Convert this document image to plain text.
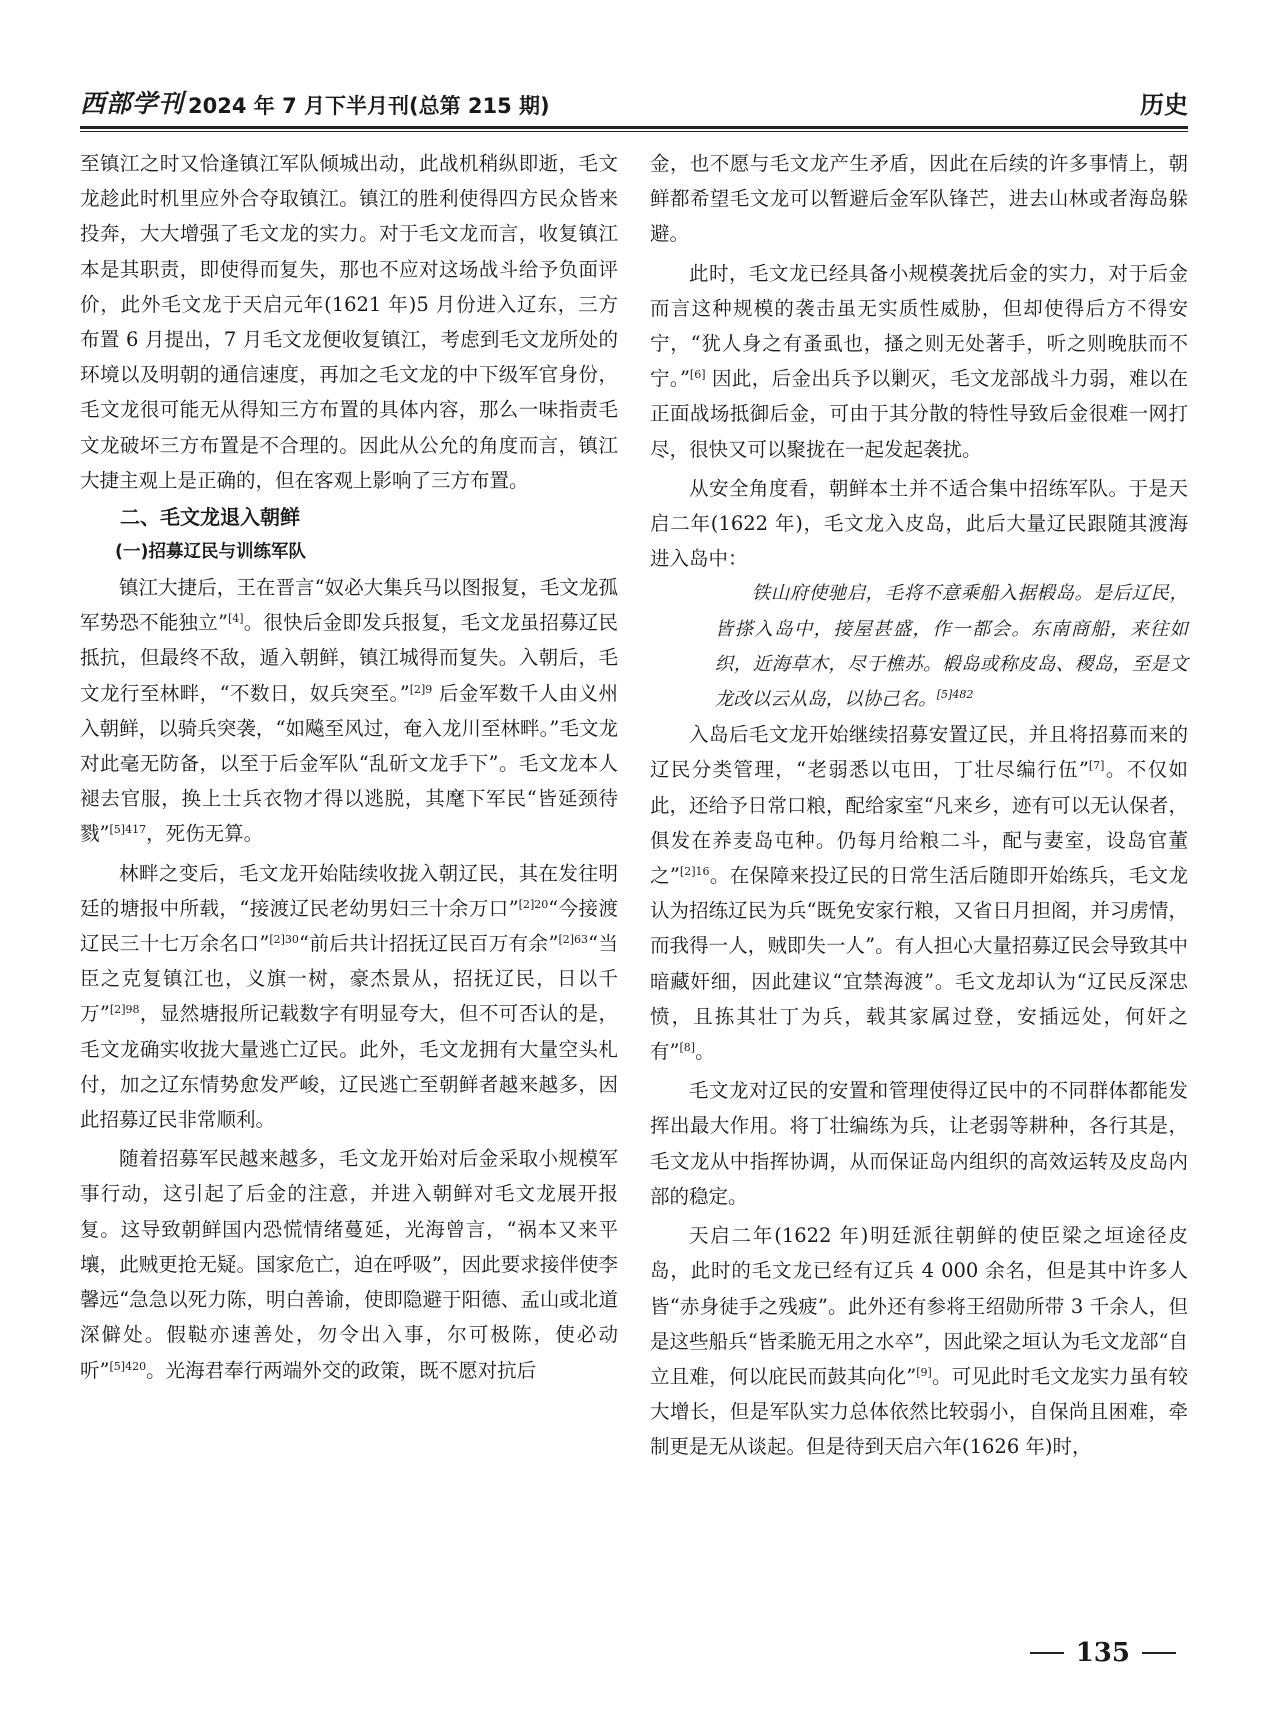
西部学刊 2024 年 7 月下半月刊(总第 215 期)	历史

至镇江之时又恰逢镇江军队倾城出动，此战机稍纵即逝，毛文龙趁此时机里应外合夺取镇江。镇江的胜利使得四方民众皆来投奔，大大增强了毛文龙的实力。对于毛文龙而言，收复镇江本是其职责，即使得而复失，那也不应对这场战斗给予负面评价，此外毛文龙于天启元年(1621 年)5 月份进入辽东，三方布置 6 月提出，7 月毛文龙便收复镇江，考虑到毛文龙所处的环境以及明朝的通信速度，再加之毛文龙的中下级军官身份，毛文龙很可能无从得知三方布置的具体内容，那么一味指责毛文龙破坏三方布置是不合理的。因此从公允的角度而言，镇江大捷主观上是正确的，但在客观上影响了三方布置。

二、毛文龙退入朝鲜
(一)招募辽民与训练军队

镇江大捷后，王在晋言“奴必大集兵马以图报复，毛文龙孤军势恐不能独立”[4]。很快后金即发兵报复，毛文龙虽招募辽民抵抗，但最终不敌，遁入朝鲜，镇江城得而复失。入朝后，毛文龙行至林畔，“不数日，奴兵突至。”$^{[2]9}$ 后金军数千人由义州入朝鲜，以骑兵突袭，“如飚至风过，奄入龙川至林畔。”毛文龙对此毫无防备，以至于后金军队“乱斫文龙手下”。毛文龙本人褪去官服，换上士兵衣物才得以逃脱，其麾下军民“皆延颈待戮”$^{[5]417}$，死伤无算。

林畔之变后，毛文龙开始陆续收拢入朝辽民，其在发往明廷的塘报中所载，“接渡辽民老幼男妇三十余万口”$^{[2]20}$“今接渡辽民三十七万余名口”$^{[2]30}$“前后共计招抚辽民百万有余”$^{[2]63}$“当臣之克复镇江也，义旗一树，豪杰景从，招抚辽民，日以千万”$^{[2]98}$，显然塘报所记载数字有明显夸大，但不可否认的是，毛文龙确实收拢大量逃亡辽民。此外，毛文龙拥有大量空头札付，加之辽东情势愈发严峻，辽民逃亡至朝鲜者越来越多，因此招募辽民非常顺利。

随着招募军民越来越多，毛文龙开始对后金采取小规模军事行动，这引起了后金的注意，并进入朝鲜对毛文龙展开报复。这导致朝鲜国内恐慌情绪蔓延，光海曾言，“祸本又来平壤，此贼更抢无疑。国家危亡，迫在呼吸”，因此要求接伴使李馨远“急急以死力陈，明白善谕，使即隐避于阳德、孟山或北道深僻处。假鞑亦速善处，勿令出入事，尔可极陈，使必动听”$^{[5]420}$。光海君奉行两端外交的政策，既不愿对抗后

金，也不愿与毛文龙产生矛盾，因此在后续的许多事情上，朝鲜都希望毛文龙可以暂避后金军队锋芒，进去山林或者海岛躲避。

此时，毛文龙已经具备小规模袭扰后金的实力，对于后金而言这种规模的袭击虽无实质性威胁，但却使得后方不得安宁，“犹人身之有蚤虱也，搔之则无处著手，听之则晚肤而不宁。”[6] 因此，后金出兵予以剿灭，毛文龙部战斗力弱，难以在正面战场抵御后金，可由于其分散的特性导致后金很难一网打尽，很快又可以聚拢在一起发起袭扰。

从安全角度看，朝鲜本土并不适合集中招练军队。于是天启二年(1622 年)，毛文龙入皮岛，此后大量辽民跟随其渡海进入岛中：

铁山府使驰启，毛将不意乘船入据椴岛。是后辽民，皆搽入岛中，接屋甚盛，作一都会。东南商船，来往如织，近海草木，尽于樵苏。椴岛或称皮岛、稷岛，至是文龙改以云从岛，以协己名。$^{[5]482}$

入岛后毛文龙开始继续招募安置辽民，并且将招募而来的辽民分类管理，“老弱悉以屯田，丁壮尽编行伍”[7]。不仅如此，还给予日常口粮，配给家室“凡来乡，迹有可以无认保者，俱发在养麦岛屯种。仍每月给粮二斗，配与妻室，设岛官董之”$^{[2]16}$。在保障来投辽民的日常生活后随即开始练兵，毛文龙认为招练辽民为兵“既免安家行粮，又省日月担阁，并习虏情，而我得一人，贼即失一人”。有人担心大量招募辽民会导致其中暗藏奸细，因此建议“宜禁海渡”。毛文龙却认为“辽民反深忠愤，且拣其壮丁为兵，载其家属过登，安插远处，何奸之有”[8]。

毛文龙对辽民的安置和管理使得辽民中的不同群体都能发挥出最大作用。将丁壮编练为兵，让老弱等耕种，各行其是，毛文龙从中指挥协调，从而保证岛内组织的高效运转及皮岛内部的稳定。

天启二年(1622 年)明廷派往朝鲜的使臣梁之垣途径皮岛，此时的毛文龙已经有辽兵 4 000 余名，但是其中许多人皆“赤身徒手之残疲”。此外还有参将王绍勋所带 3 千余人，但是这些船兵“皆柔脆无用之水卒”，因此梁之垣认为毛文龙部“自立且难，何以庇民而鼓其向化”[9]。可见此时毛文龙实力虽有较大增长，但是军队实力总体依然比较弱小，自保尚且困难，牵制更是无从谈起。但是待到天启六年(1626 年)时，

135
